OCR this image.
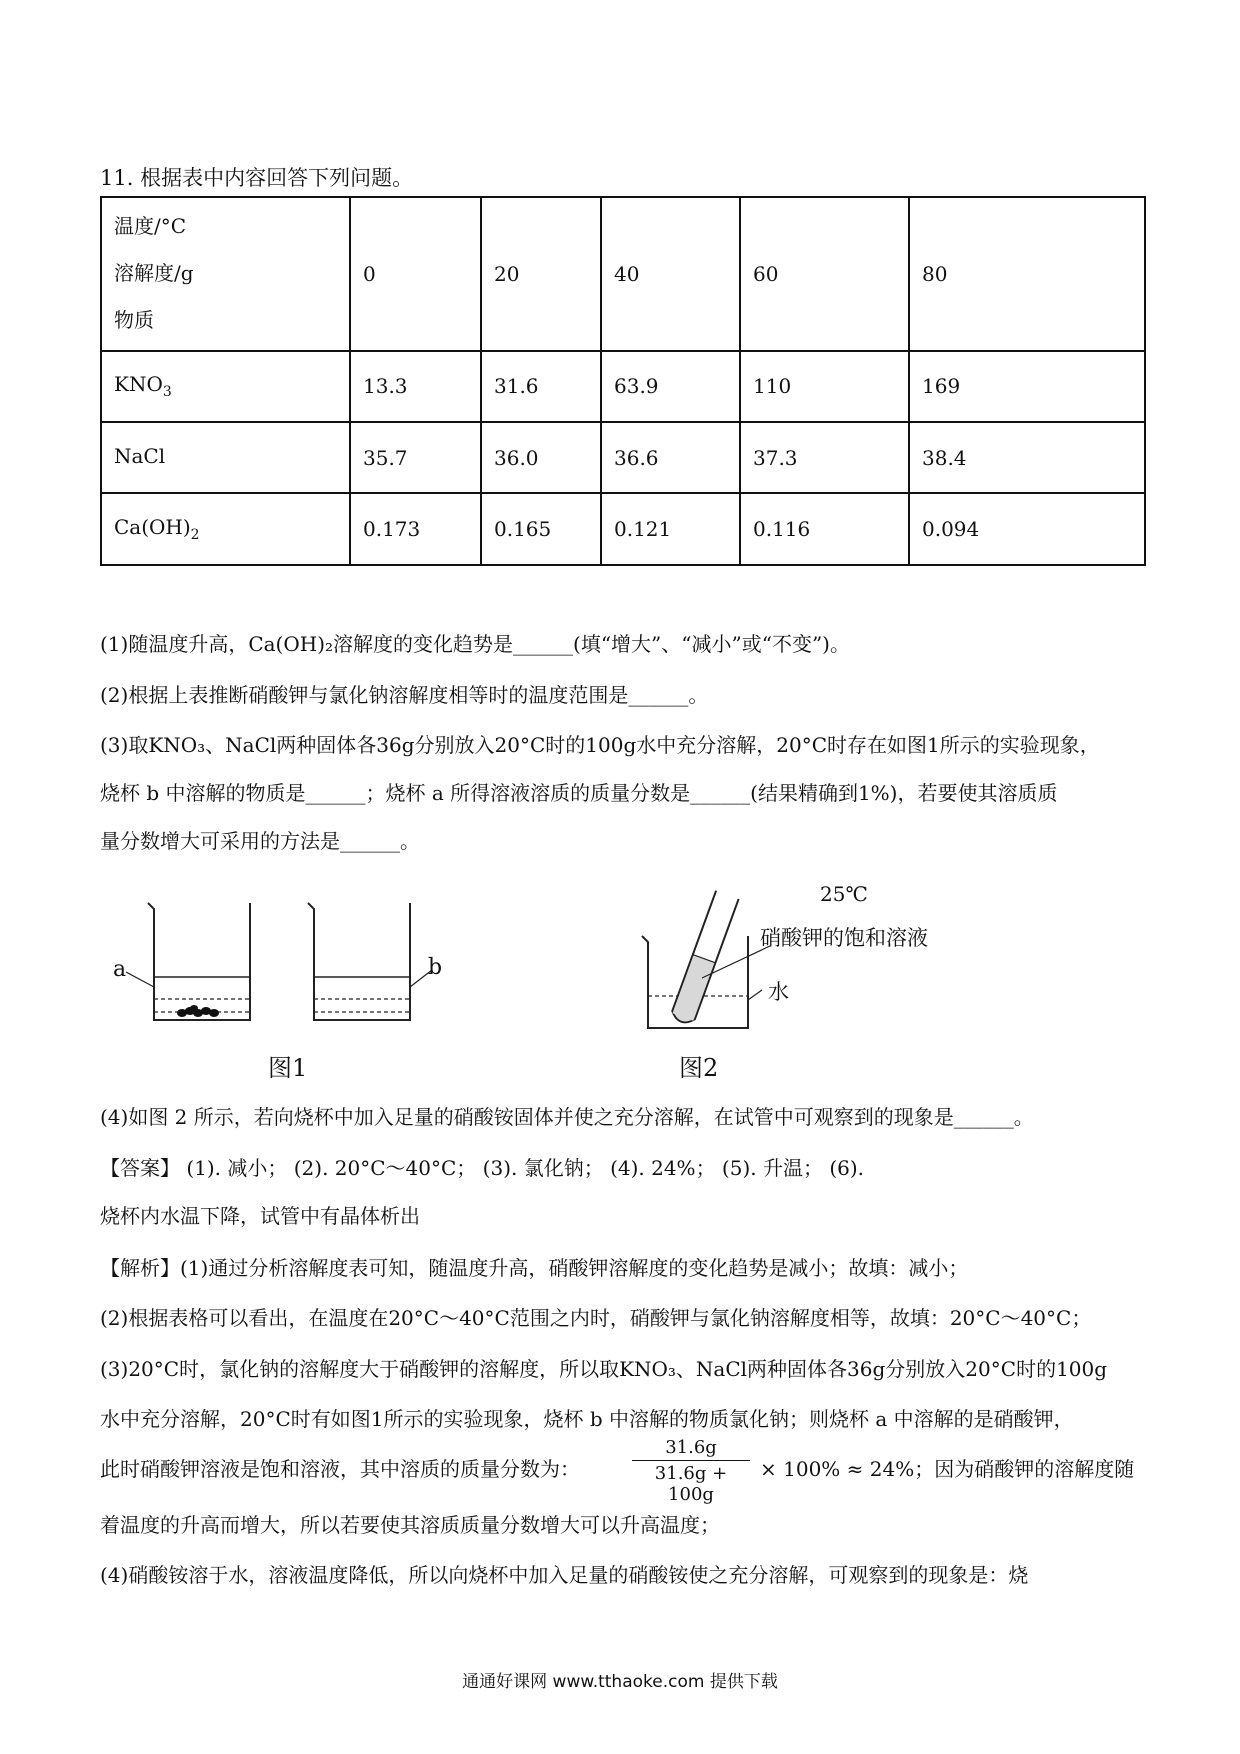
11. 根据表中内容回答下列问题。
温度/°C
溶解度/g
物质	0	20	40	60	80
$KNO_3$	13.3	31.6	63.9	110	169
NaCl	35.7	36.0	36.6	37.3	38.4
$Ca(OH)_2$	0.173	0.165	0.121	0.116	0.094
(1)随温度升高，Ca(OH)₂溶解度的变化趋势是______(填“增大”、“减小”或“不变”)。
(2)根据上表推断硝酸钾与氯化钠溶解度相等时的温度范围是______。
(3)取KNO₃、NaCl两种固体各36g分别放入20°C时的100g水中充分溶解，20°C时存在如图1所示的实验现象，
烧杯 b 中溶解的物质是______；烧杯 a 所得溶液溶质的质量分数是______(结果精确到1%)，若要使其溶质质
量分数增大可采用的方法是______。
a	b
图1
25℃
硝酸钾的饱和溶液
水
图2
(4)如图 2 所示，若向烧杯中加入足量的硝酸铵固体并使之充分溶解，在试管中可观察到的现象是______。
【答案】 (1). 减小； (2). 20°C～40°C； (3). 氯化钠； (4). 24%； (5). 升温； (6).
烧杯内水温下降，试管中有晶体析出
【解析】(1)通过分析溶解度表可知，随温度升高，硝酸钾溶解度的变化趋势是减小；故填：减小；
(2)根据表格可以看出，在温度在20°C～40°C范围之内时，硝酸钾与氯化钠溶解度相等，故填：20°C～40°C；
(3)20°C时，氯化钠的溶解度大于硝酸钾的溶解度，所以取KNO₃、NaCl两种固体各36g分别放入20°C时的100g
水中充分溶解，20°C时有如图1所示的实验现象，烧杯 b 中溶解的物质氯化钠；则烧杯 a 中溶解的是硝酸钾，
此时硝酸钾溶液是饱和溶液，其中溶质的质量分数为：	$\frac{31.6g}{31.6g + 100g} \times 100\% \approx 24\%$；因为硝酸钾的溶解度随
着温度的升高而增大，所以若要使其溶质质量分数增大可以升高温度；
(4)硝酸铵溶于水，溶液温度降低，所以向烧杯中加入足量的硝酸铵使之充分溶解，可观察到的现象是：烧
通通好课网 www.tthaoke.com 提供下载
